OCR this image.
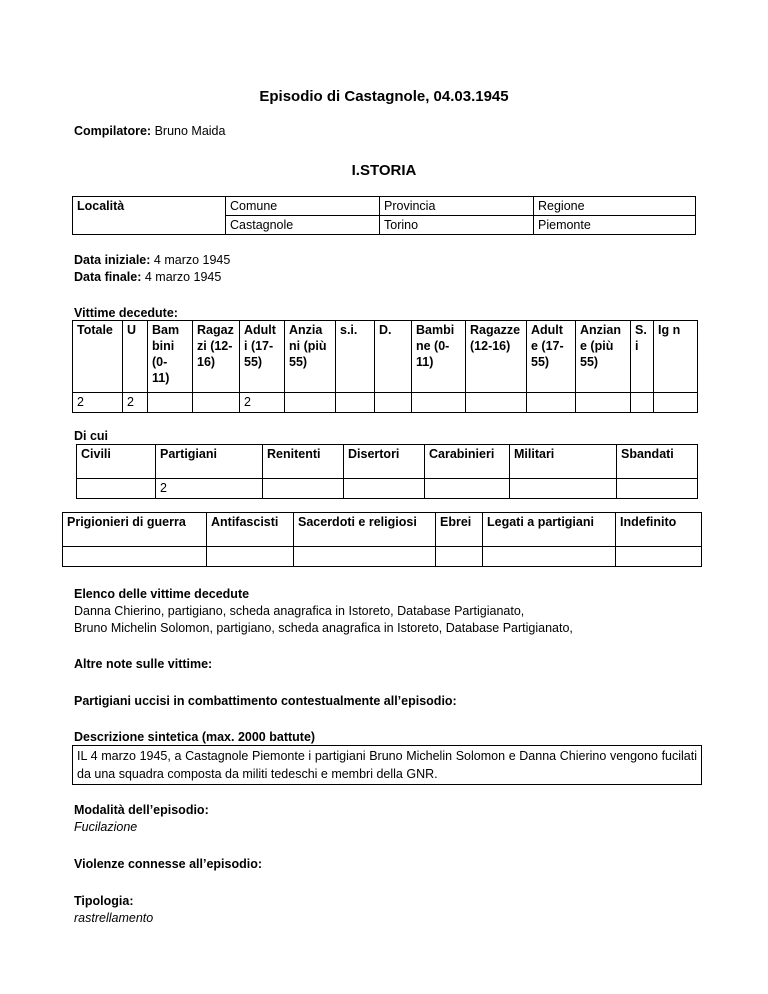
Episodio di Castagnole, 04.03.1945
Compilatore: Bruno Maida
I.STORIA
Località	Comune	Provincia	Regione
	Castagnole	Torino	Piemonte
Data iniziale: 4 marzo 1945
Data finale: 4 marzo 1945
Vittime decedute:
Totale	U	Bam bini (0- 11)	Ragaz zi (12- 16)	Adult i (17- 55)	Anzia ni (più 55)	s.i.	D.	Bambi ne (0- 11)	Ragazze (12-16)	Adult e (17- 55)	Anzian e (più 55)	S. i	Ig n
2	2			2									
Di cui
Civili	Partigiani	Renitenti	Disertori	Carabinieri	Militari	Sbandati
	2					
Prigionieri di guerra	Antifascisti	Sacerdoti e religiosi	Ebrei	Legati a partigiani	Indefinito

Elenco delle vittime decedute
Danna Chierino, partigiano, scheda anagrafica in Istoreto, Database Partigianato,
Bruno Michelin Solomon, partigiano, scheda anagrafica in Istoreto, Database Partigianato,
Altre note sulle vittime:
Partigiani uccisi in combattimento contestualmente all’episodio:
Descrizione sintetica (max. 2000 battute)
IL 4 marzo 1945, a Castagnole Piemonte i partigiani Bruno Michelin Solomon e Danna Chierino vengono fucilati da una squadra composta da militi tedeschi e membri della GNR.
Modalità dell’episodio:
Fucilazione
Violenze connesse all’episodio:
Tipologia:
rastrellamento
